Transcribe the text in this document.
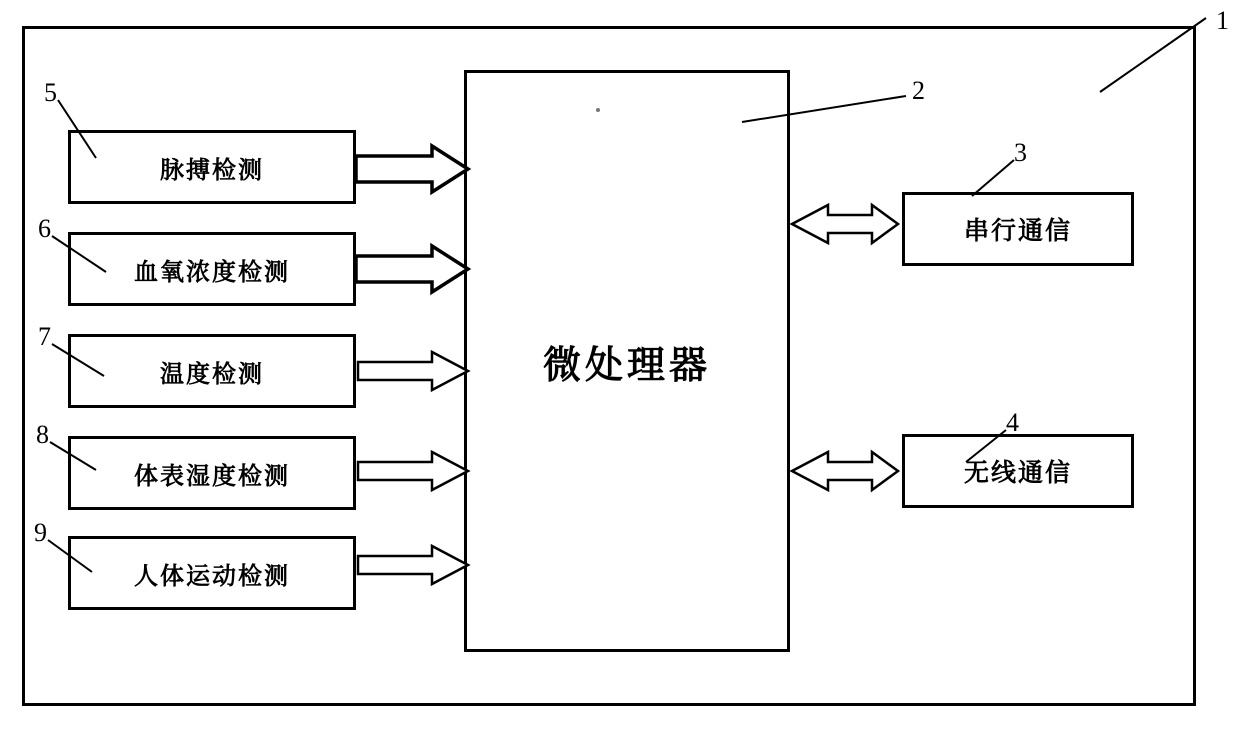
脉搏检测
血氧浓度检测
温度检测
体表湿度检测
人体运动检测
微处理器
串行通信
无线通信
1
2
3
4
5
6
7
8
9
